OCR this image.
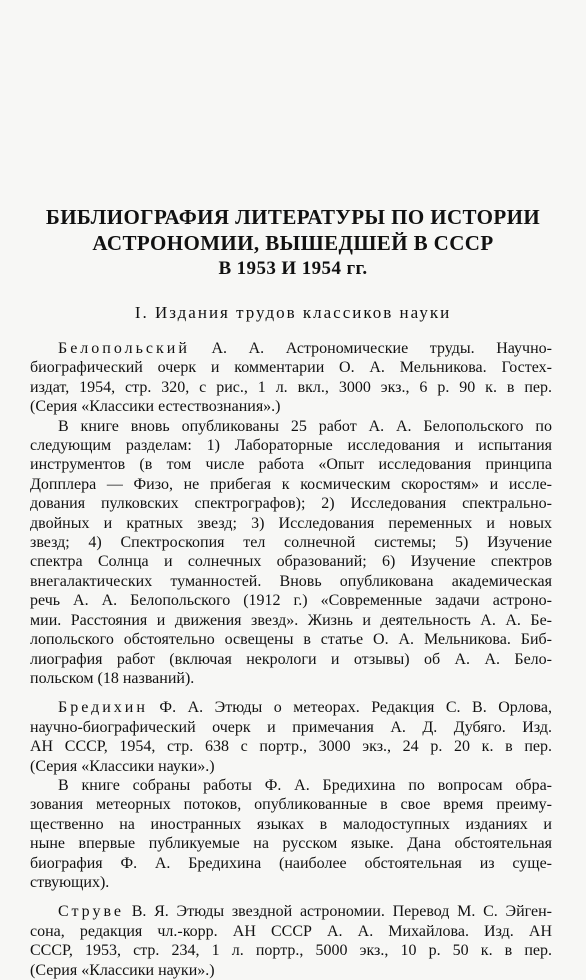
БИБЛИОГРАФИЯ ЛИТЕРАТУРЫ ПО ИСТОРИИ
АСТРОНОМИИ, ВЫШЕДШЕЙ В СССР
В 1953 И 1954 гг.
I. Издания трудов классиков науки
Белопольский А. А. Астрономические труды. Научно-
биографический очерк и комментарии О. А. Мельникова. Гостех-
издат, 1954, стр. 320, с рис., 1 л. вкл., 3000 экз., 6 р. 90 к. в пер.
(Серия «Классики естествознания».)
В книге вновь опубликованы 25 работ А. А. Белопольского по
следующим разделам: 1) Лабораторные исследования и испытания
инструментов (в том числе работа «Опыт исследования принципа
Допплера — Физо, не прибегая к космическим скоростям» и иссле-
дования пулковских спектрографов); 2) Исследования спектрально-
двойных и кратных звезд; 3) Исследования переменных и новых
звезд; 4) Спектроскопия тел солнечной системы; 5) Изучение
спектра Солнца и солнечных образований; 6) Изучение спектров
внегалактических туманностей. Вновь опубликована академическая
речь А. А. Белопольского (1912 г.) «Современные задачи астроно-
мии. Расстояния и движения звезд». Жизнь и деятельность А. А. Бе-
лопольского обстоятельно освещены в статье О. А. Мельникова. Биб-
лиография работ (включая некрологи и отзывы) об А. А. Бело-
польском (18 названий).
Бредихин Ф. А. Этюды о метеорах. Редакция С. В. Орлова,
научно-биографический очерк и примечания А. Д. Дубяго. Изд.
АН СССР, 1954, стр. 638 с портр., 3000 экз., 24 р. 20 к. в пер.
(Серия «Классики науки».)
В книге собраны работы Ф. А. Бредихина по вопросам обра-
зования метеорных потоков, опубликованные в свое время преиму-
щественно на иностранных языках в малодоступных изданиях и
ныне впервые публикуемые на русском языке. Дана обстоятельная
биография Ф. А. Бредихина (наиболее обстоятельная из суще-
ствующих).
Струве В. Я. Этюды звездной астрономии. Перевод М. С. Эйген-
сона, редакция чл.-корр. АН СССР А. А. Михайлова. Изд. АН
СССР, 1953, стр. 234, 1 л. портр., 5000 экз., 10 р. 50 к. в пер.
(Серия «Классики науки».)
